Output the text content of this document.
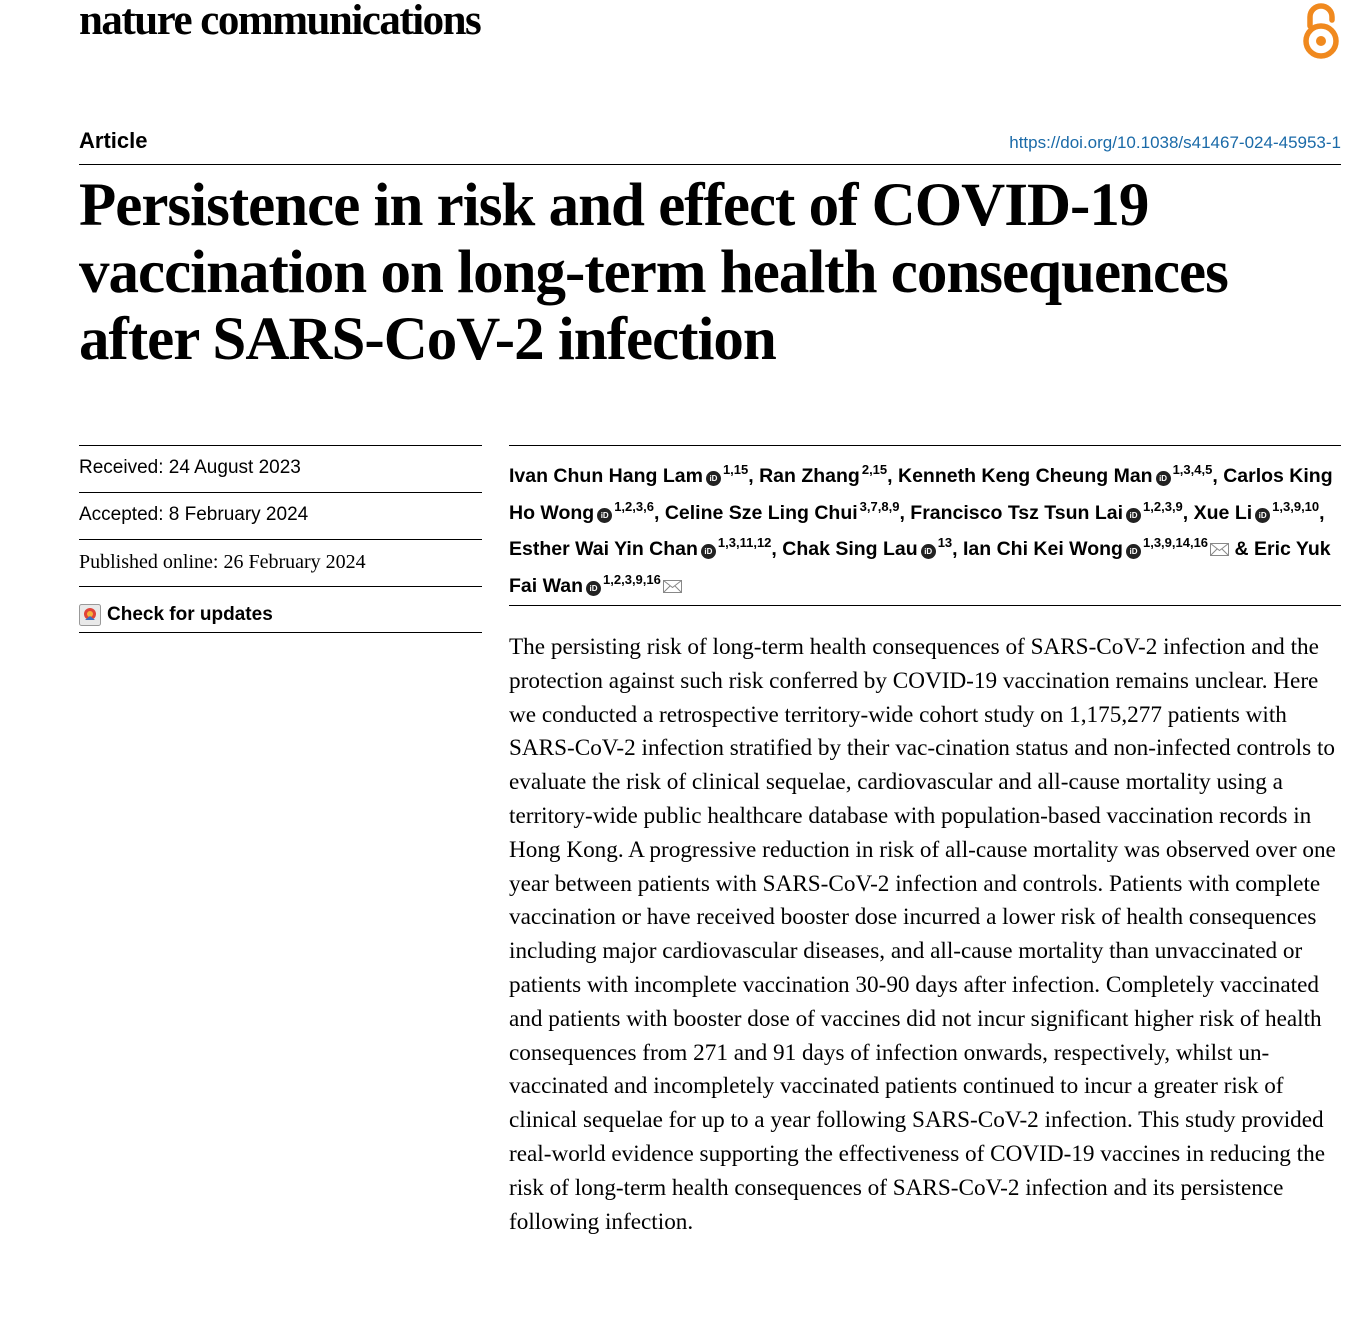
nature communications
Article	https://doi.org/10.1038/s41467-024-45953-1
Persistence in risk and effect of COVID-19 vaccination on long-term health consequences after SARS-CoV-2 infection
Received: 24 August 2023
Accepted: 8 February 2024
Published online: 26 February 2024
Check for updates
Ivan Chun Hang Lam iD$^{1,15}$, Ran Zhang $^{2,15}$, Kenneth Keng Cheung Man iD$^{1,3,4,5}$, Carlos King Ho Wong iD$^{1,2,3,6}$, Celine Sze Ling Chui $^{3,7,8,9}$, Francisco Tsz Tsun Lai iD$^{1,2,3,9}$, Xue Li iD$^{1,3,9,10}$, Esther Wai Yin Chan iD$^{1,3,11,12}$, Chak Sing Lau iD$^{13}$, Ian Chi Kei Wong iD$^{1,3,9,14,16}$ & Eric Yuk Fai Wan iD$^{1,2,3,9,16}$

The persisting risk of long-term health consequences of SARS-CoV-2 infection and the protection against such risk conferred by COVID-19 vaccination remains unclear. Here we conducted a retrospective territory-wide cohort study on 1,175,277 patients with SARS-CoV-2 infection stratified by their vac-cination status and non-infected controls to evaluate the risk of clinical sequelae, cardiovascular and all-cause mortality using a territory-wide public healthcare database with population-based vaccination records in Hong Kong. A progressive reduction in risk of all-cause mortality was observed over one year between patients with SARS-CoV-2 infection and controls. Patients with complete vaccination or have received booster dose incurred a lower risk of health consequences including major cardiovascular diseases, and all-cause mortality than unvaccinated or patients with incomplete vaccination 30-90 days after infection. Completely vaccinated and patients with booster dose of vaccines did not incur significant higher risk of health consequences from 271 and 91 days of infection onwards, respectively, whilst un-vaccinated and incompletely vaccinated patients continued to incur a greater risk of clinical sequelae for up to a year following SARS-CoV-2 infection. This study provided real-world evidence supporting the effectiveness of COVID-19 vaccines in reducing the risk of long-term health consequences of SARS-CoV-2 infection and its persistence following infection.
